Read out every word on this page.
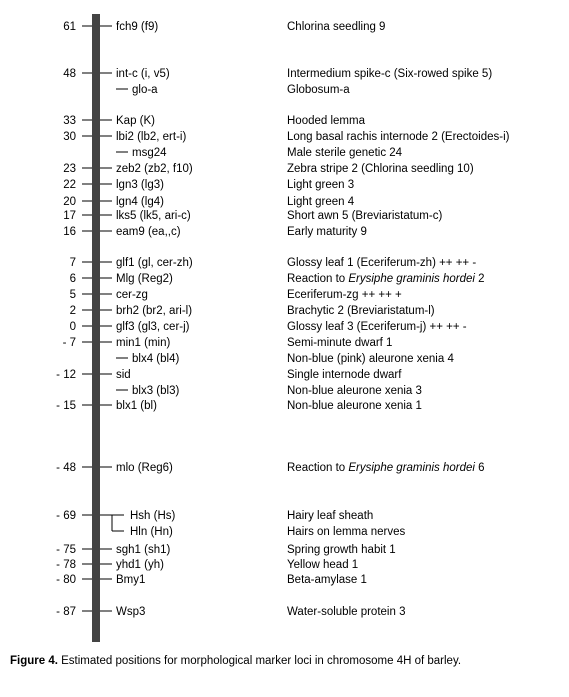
61	fch9 (f9)	Chlorina seedling 9
48	int-c (i, v5)	Intermedium spike-c (Six-rowed spike 5)
glo-a	Globosum-a
33	Kap (K)	Hooded lemma
30	lbi2 (lb2, ert-i)	Long basal rachis internode 2 (Erectoides-i)
msg24	Male sterile genetic 24
23	zeb2 (zb2, f10)	Zebra stripe 2 (Chlorina seedling 10)
22	lgn3 (lg3)	Light green 3
20	lgn4 (lg4)	Light green 4
17	lks5 (lk5, ari-c)	Short awn 5 (Breviaristatum-c)
16	eam9 (ea,,c)	Early maturity 9
7	glf1 (gl, cer-zh)	Glossy leaf 1 (Eceriferum-zh) ++ ++ -
6	Mlg (Reg2)	Reaction to Erysiphe graminis hordei 2
5	cer-zg	Eceriferum-zg ++ ++ +
2	brh2 (br2, ari-l)	Brachytic 2 (Breviaristatum-l)
0	glf3 (gl3, cer-j)	Glossy leaf 3 (Eceriferum-j) ++ ++ -
- 7	min1 (min)	Semi-minute dwarf 1
blx4 (bl4)	Non-blue (pink) aleurone xenia 4
- 12	sid	Single internode dwarf
blx3 (bl3)	Non-blue aleurone xenia 3
- 15	blx1 (bl)	Non-blue aleurone xenia 1
- 48	mlo (Reg6)	Reaction to Erysiphe graminis hordei 6
- 69	Hsh (Hs)	Hairy leaf sheath
Hln (Hn)	Hairs on lemma nerves
- 75	sgh1 (sh1)	Spring growth habit 1
- 78	yhd1 (yh)	Yellow head 1
- 80	Bmy1	Beta-amylase 1
- 87	Wsp3	Water-soluble protein 3
Figure 4. Estimated positions for morphological marker loci in chromosome 4H of barley.
